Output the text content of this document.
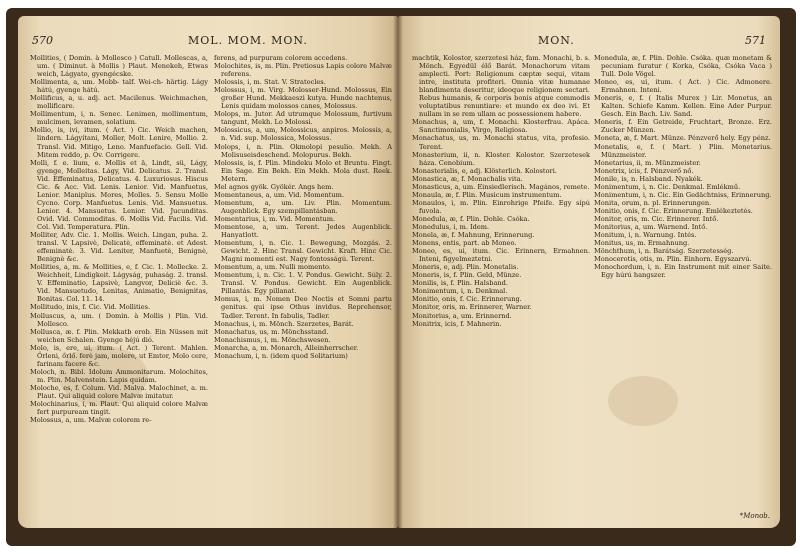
570	MOL. MOM. MON.

Mollities, ( Domin. à Mollesco ) Catull. Mollescas, a, um. ( Diminut. à Mollis ) Plaut. Menekeh, Etwas weich, Lágyato, gyengécske.

Mollimenta, a, um. Mobb- talf. Wei-ch- härtig. Lágy hátú, gyenge hátú.

Mollificus, a, u. adj. act. Macilenus. Weichmachen, mollificare.

Mollimentum, i, n. Senec. Lenimen, mollimentum, mulcimen, levamen, solatium.

Mollio, is, ivi, itum. ( Act. ) Cic. Weich machen, lindern. Lágyítani, Moller, Molt. Lenire, Mollio. 2. Transl. Vid. Mitigo, Leno. Manfuefacio. Gell. Vid. Mitem reddo, p. Ov. Corrigere.

Molli, f. e. lium, e. Mollis et ä, Lindt, sü, Lágy, gyenge, Molleitas. Lágy, Vid. Delicatus. 2. Transl. Vid. Effeminatus, Delicatus. 4. Luxuriosus. Hiscus Cic. & Acc. Vid. Lenis. Lenior. Vid. Manfuetus, Lenior. Maniplus. Mores, Molles. 5. Sensu Molle Cycno. Corp. Manfuetus. Lenis. Vid. Mansuetus. Lenior. 4. Mansuetus. Lenior. Vid. Jucunditas. Ovid. Vid. Commoditas. 6. Mollis Vid. Facilis. Vid. Col. Vid. Temperatura. Plin.

Molliter, Adv. Cic. 1. Mollis. Weich. Lingan, puha. 2. transl. V. Lapsivè, Delicatè, effeminatè. et Adest. effeminatè. 3. Vid. Leniter, Manfuetè, Benignè, Benignè &c.

Mollities, a, m. & Mollities, e, f. Cic. 1. Mollecke. 2. Weichheit, Lindigkeit. Lágyság, puhaság. 2. transl. V. Effeminatio, Lapsivè, Langvor, Deliciè &c. 3. Vid. Mansuetudo, Lenitas, Animatio, Benignitas, Bonitas. Col. 11. 14.

Mollitudo, inis, f. Cic. Vid. Mollities.

Molluscus, a, um. ( Domin. à Mollis ) Plin. Vid. Mollesco.

Mollusca, æ. f. Plin. Mekkatb erob. Ein Nüssen mit weichen Schalen. Gyenge héjú dió.

Molo, is, ere, ui, itum. ( Act. ) Terent. Mahlen. Őrleni, őrlő. ferè jam, molere, ut Emtor, Molo cere, farinam facere &c.

Moloch, n. Bibl. Idolum Ammonitarum. Molochites, m. Plin. Malvenstein. Lapis quidam.

Moloche, es, f. Colum. Vid. Malva. Malochinet, a. m. Plaut. Qui aliquid colore Malvæ imitatur.

Molochinarius, i, m. Plaut. Qui aliquid colore Malvæ fert purpuream tingit.

Molossus, a, um. Malvæ colorem re-

ferens, ad purpuram colorem accedens.

Molochites, is, m. Plin. Pretiosus Lapis colore Malvæ referens.

Molossis, i, m. Stat. V. Stratocles.

Molossus, i, m. Virg. Molosser-Hund. Molossus, Ein großer Hund. Mekkaeszi kutya. Hunde nachtenus, Lenis quidam molossos canes, Molossus.

Molops, m. Jutor. Ad utrumque Molossum, furtivum tangunt, Mekh. Lo Molossi.

Molossicus, a, um, Molossicus, anpiros. Molossis, a, n. Vid. sup. Molossica, Molossus.

Molops, i, n. Plin. Okmolopi pesulio. Mekh. A Molisuseisdeschend. Molopurus. Bekh.

Molossis, is, f. Plin. Mindeku Molo et Bruntu. Fingt. Ein Sage. Ein Bekh. Ein Mekh. Mola dust. Reek. Metern.

Mel agnos gyök. Gyökér. Angs hem.

Momentaneus, a, um. Vid. Momentum.

Momentum, a, um. Liv. Plin. Momentum. Augenblick. Egy szempillantásban.

Momentarius, i, m. Vid. Momentum.

Momentose, a, um. Terent. Jedes Augenblick. Hanyatlott.

Momentum, i, n. Cic. 1. Bewegung, Mozgás. 2. Gewicht. 2. Hinc Transl. Gewicht. Kraft. Hinc Cic. Magni momenti est. Nagy fontosságú. Terent.

Momentum, a, um. Nulli momento.

Momentum, i, n. Cic. 1. V. Pondus. Gewicht. Súly. 2. Transl. V. Pondus. Gewicht. Ein Augenblick. Pillantás. Egy pillanat.

Momus, i, m. Nomen Deo Noctis et Somni partu genitus. qui ipse Othus invidus. Reprehensor, Tadler. Terent. In fabulis, Tadler.

Monachus, i, m. Mönch. Szerzetes, Barát.

Monachatus, us, m. Mönchsstand.

Monachismus, i, m. Mönchswesen.

Monarcha, a, m. Monarch, Alleinherrscher.

Monachum, i, n. (idem quod Solitarium)

MON.	571

machtik, Kolostor, szerzetesi ház, fam. Monachi, b. s. Mönch. Egyedül élő Barát. Monachorum vitam amplecti. Port: Religionum cæptæ sequi, vitam intre, instituta profiteri. Omnia vitæ humanae blandimenta deseritur, ideoque religionem sectari. Rebus humanis, & corporis bonis atque commodis voluptatibus renuntiare: et mundo ex deo ivi. Et nullam in se rem ullam ac possessionem habere.

Monachus, a, um, f. Monachi. Klosterfrau. Apáca. Sanctimonialis, Virgo, Religiosa.

Monachatus, us, m. Monachi status, vita, profesio. Terent.

Monasterium, ii, n. Kloster. Kolostor. Szerzetesek háza. Cenobium.

Monasterialis, e, adj. Klösterlich. Kolostori.

Monastica, æ, f. Monachalis vita.

Monasticus, a, um. Einsiedlerisch. Magános, remete.

Monaula, æ, f. Plin. Musicum instrumentum.

Monaulos, i, m. Plin. Einrohrige Pfeife. Egy sípú fuvola.

Monedula, æ, f. Plin. Dohle. Csóka.

Monedulus, i, m. Idem.

Monela, æ, f. Mahnung, Erinnerung.

Monens, entis, part. ab Moneo.

Moneo, es, ui, itum. Cic. Erinnern, Ermahnen. Inteni, figyelmeztetni.

Moneris, e, adj. Plin. Monetalis.

Moneris, is, f. Plin. Geld, Münze.

Monilis, is, f. Plin. Halsband.

Monimentum, i, n. Denkmal.

Monitio, onis, f. Cic. Erinnerung.

Monitor, oris, m. Erinnerer, Warner.

Monitorius, a, um. Erinnernd.

Monitrix, icis, f. Mahnerin.

Monedula, æ, f. Plin. Dohle. Csóka. quæ monetam & pecuniam furatur ( Korka, Csóka, Csóka Vaca ) Tull. Dole Vögel.

Moneo, es, ui, itum. ( Act. ) Cic. Admonere. Ermahnen. Inteni.

Moneris, e, f. ( Italis Murex ) Lir. Monetus, an Kalten. Schiefe Kamm. Kellen. Eine Ader Purpur. Gesch. Ein Bach. Liv. Sand.

Moneris, f. Ein Getreide, Fruchtart, Bronze. Erz. Zucker Münzen.

Moneta, æ, f. Mart. Münze. Pénzverő hely. Egy pénz.

Monetalis, e, f. ( Mart. ) Plin. Monetarius. Münzmeister.

Monetarius, ii, m. Münzmeister.

Monetrix, icis, f. Pénzverő nő.

Monile, is, n. Halsband. Nyakék.

Monimentum, i, n. Cic. Denkmal. Emlékmű.

Monimentum, i, n. Cic. Ein Gedächtniss, Erinnerung.

Monita, orum, n. pl. Erinnerungen.

Monitio, onis, f. Cic. Erinnerung. Emlékeztetés.

Monitor, oris, m. Cic. Erinnerer. Intő.

Monitorius, a, um. Warnend. Intő.

Monitum, i, n. Warnung. Intés.

Monitus, us, m. Ermahnung.

Mönchthum, i, n. Barátság. Szerzetesség.

Monocerotis, otis, m. Plin. Einhorn. Egyszarvú.

Monochordum, i, n. Ein Instrument mit einer Saite. Egy húrú hangszer.

*Monob.
